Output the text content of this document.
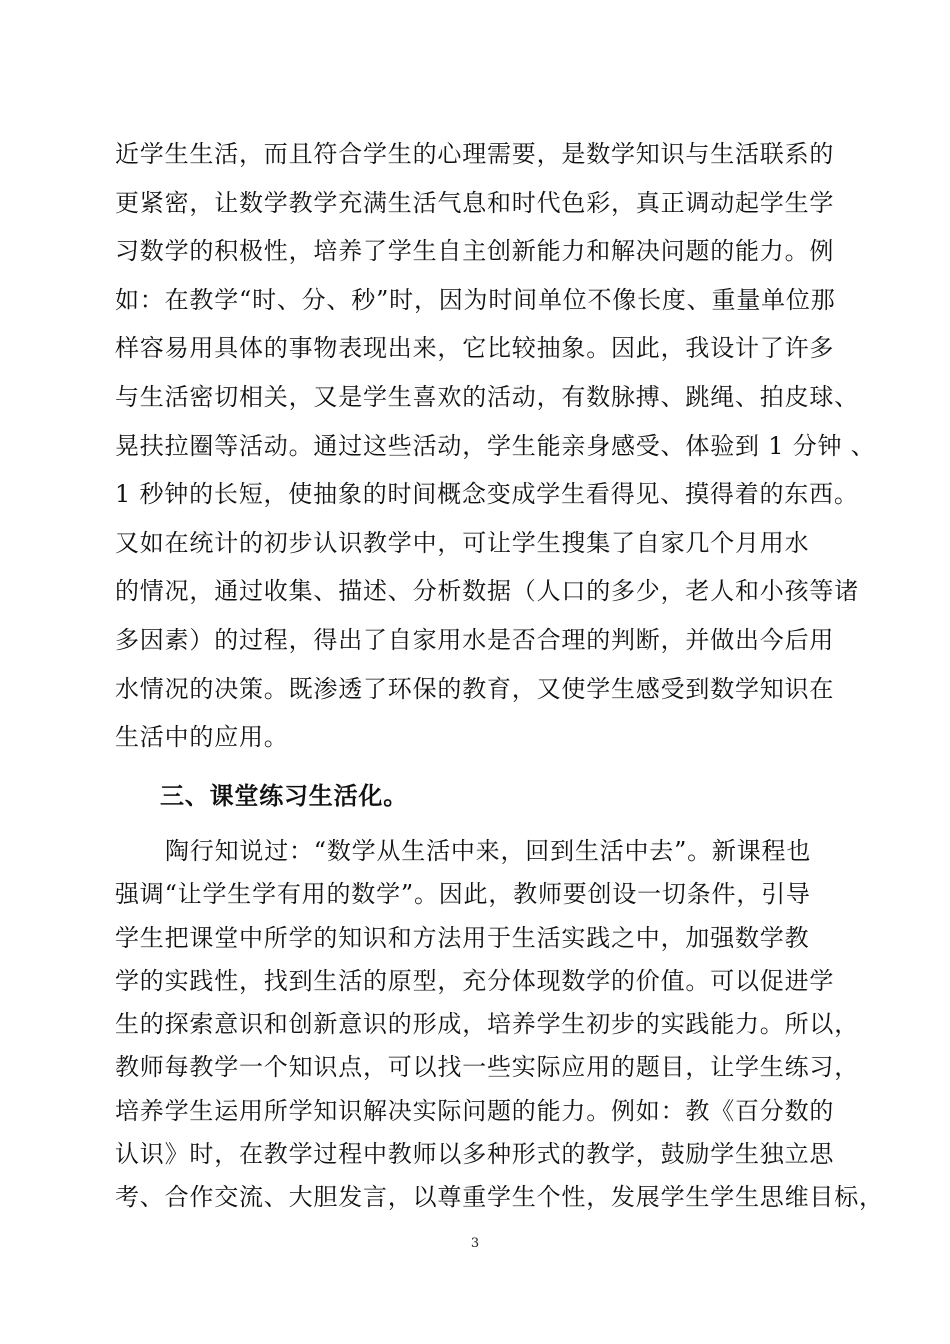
近学生生活，而且符合学生的心理需要，是数学知识与生活联系的
更紧密，让数学教学充满生活气息和时代色彩，真正调动起学生学
习数学的积极性，培养了学生自主创新能力和解决问题的能力。例
如：在教学“时、分、秒”时，因为时间单位不像长度、重量单位那
样容易用具体的事物表现出来，它比较抽象。因此，我设计了许多
与生活密切相关，又是学生喜欢的活动，有数脉搏、跳绳、拍皮球、
晃扶拉圈等活动。通过这些活动，学生能亲身感受、体验到 1 分钟 、
1 秒钟的长短，使抽象的时间概念变成学生看得见、摸得着的东西。
又如在统计的初步认识教学中，可让学生搜集了自家几个月用水
的情况，通过收集、描述、分析数据（人口的多少，老人和小孩等诸
多因素）的过程，得出了自家用水是否合理的判断，并做出今后用
水情况的决策。既渗透了环保的教育，又使学生感受到数学知识在
生活中的应用。
三、课堂练习生活化。
陶行知说过：“数学从生活中来，回到生活中去”。新课程也
强调“让学生学有用的数学”。因此，教师要创设一切条件，引导
学生把课堂中所学的知识和方法用于生活实践之中，加强数学教
学的实践性，找到生活的原型，充分体现数学的价值。可以促进学
生的探索意识和创新意识的形成，培养学生初步的实践能力。所以，
教师每教学一个知识点，可以找一些实际应用的题目，让学生练习，
培养学生运用所学知识解决实际问题的能力。例如：教《百分数的
认识》时，在教学过程中教师以多种形式的教学，鼓励学生独立思
考、合作交流、大胆发言，以尊重学生个性，发展学生学生思维目标，
3
